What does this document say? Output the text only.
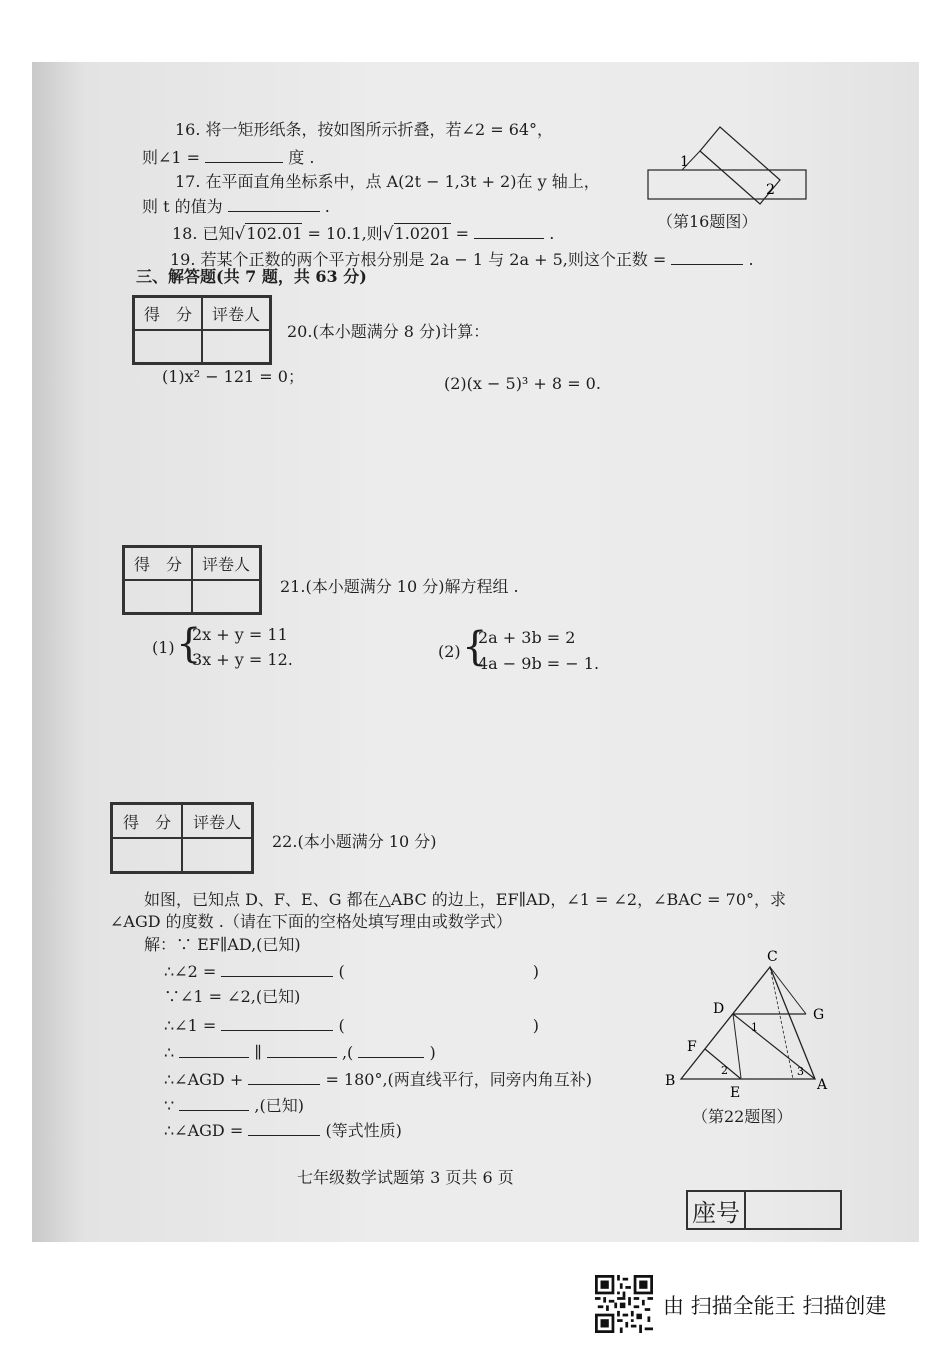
16. 将一矩形纸条，按如图所示折叠，若∠2 = 64°，
则∠1 =	度 .	1
2
（第16题图）
17. 在平面直角坐标系中，点 A(2t − 1,3t + 2)在 y 轴上，
则 t 的值为	.
18. 已知√102.01 = 10.1,则√1.0201 =	.
19. 若某个正数的两个平方根分别是 2a − 1 与 2a + 5,则这个正数 =	.
三、解答题(共 7 题，共 63 分)
得　分	评卷人
20.(本小题满分 8 分)计算：
(1)x² − 121 = 0；	(2)(x − 5)³ + 8 = 0.
得　分	评卷人
21.(本小题满分 10 分)解方程组 .
(1) {
2x + y = 11
3x + y = 12.	(2) {
2a + 3b = 2
4a − 9b = − 1.
得　分	评卷人
22.(本小题满分 10 分)
如图，已知点 D、F、E、G 都在△ABC 的边上，EF∥AD，∠1 = ∠2，∠BAC = 70°，求
∠AGD 的度数 .（请在下面的空格处填写理由或数学式）
解：∵ EF∥AD,(已知)
∴∠2 =	(	)
∵∠1 = ∠2,(已知)
∴∠1 =	(	)
∴	∥	,(	)
∴∠AGD +	= 180°,(两直线平行，同旁内角互补)
∵	,(已知)
∴∠AGD =	(等式性质)
C
D	G
1
F
2	3
B
E	A
（第22题图）
七年级数学试题第 3 页共 6 页
座号
由 扫描全能王 扫描创建
